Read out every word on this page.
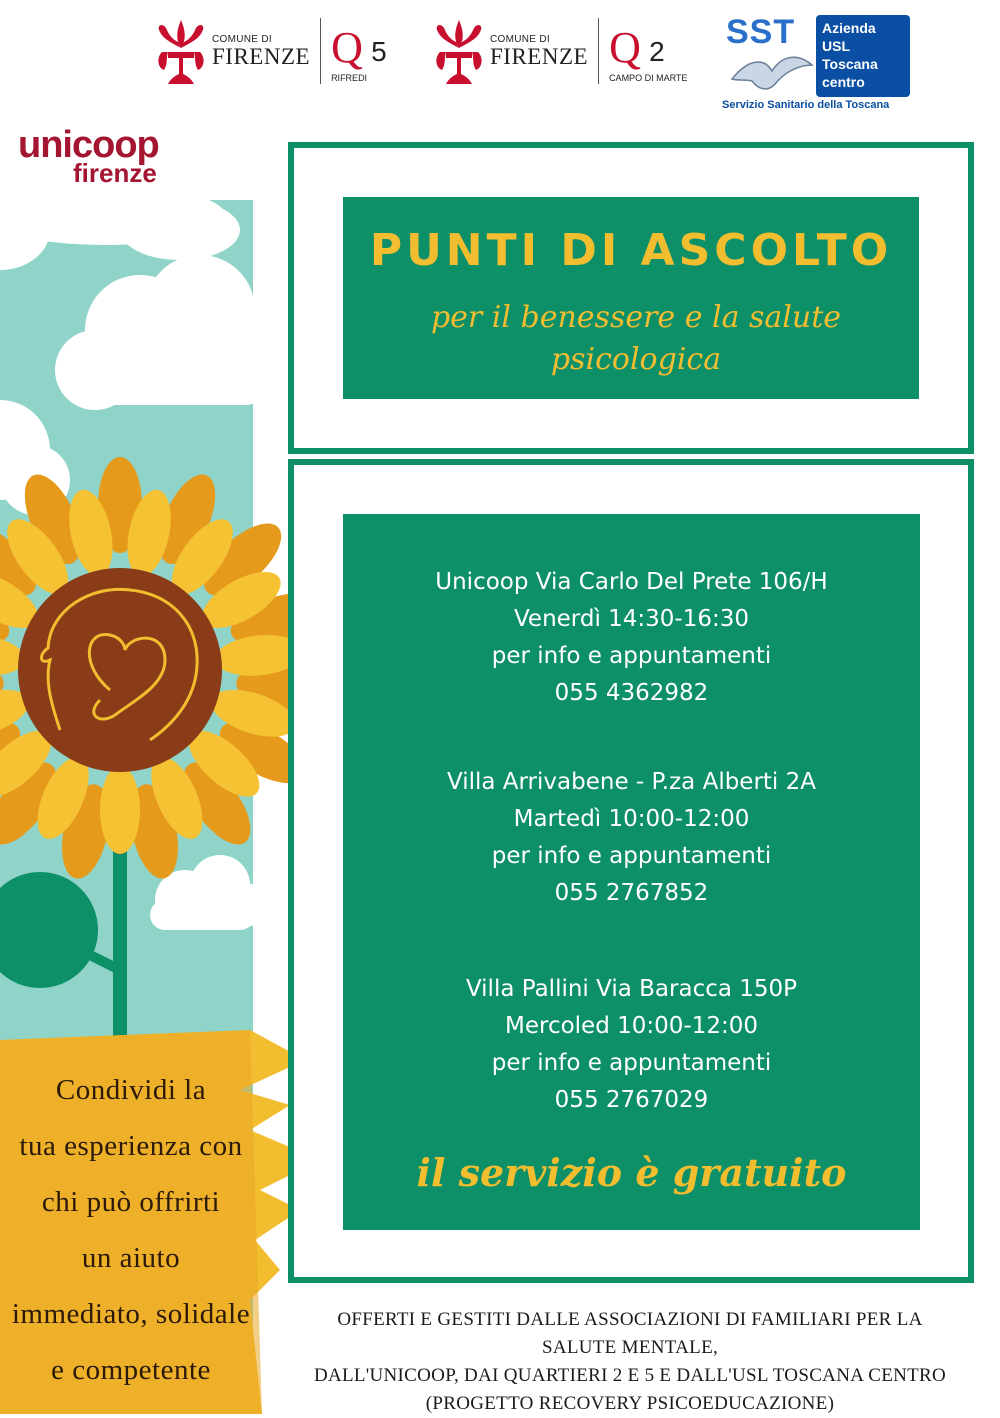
COMUNE DI
FIRENZE Q 5
RIFREDI
COMUNE DI
FIRENZE Q 2
CAMPO DI MARTE
SST Azienda
USL
Toscana
centro
Servizio Sanitario della Toscana
unicoop
firenze
PUNTI DI ASCOLTO
per il benessere e la salute
psicologica
Unicoop Via Carlo Del Prete 106/H
Venerdì 14:30-16:30
per info e appuntamenti
055 4362982
Villa Arrivabene - P.za Alberti 2A
Martedì 10:00-12:00
per info e appuntamenti
055 2767852
Villa Pallini Via Baracca 150P
Mercoled 10:00-12:00
per info e appuntamenti
055 2767029
il servizio è gratuito
Condividi la
tua esperienza con
chi può offrirti
un aiuto
immediato, solidale
e competente
OFFERTI E GESTITI DALLE ASSOCIAZIONI DI FAMILIARI PER LA SALUTE MENTALE,
DALL'UNICOOP, DAI QUARTIERI 2 E 5 E DALL'USL TOSCANA CENTRO
(PROGETTO RECOVERY PSICOEDUCAZIONE)
